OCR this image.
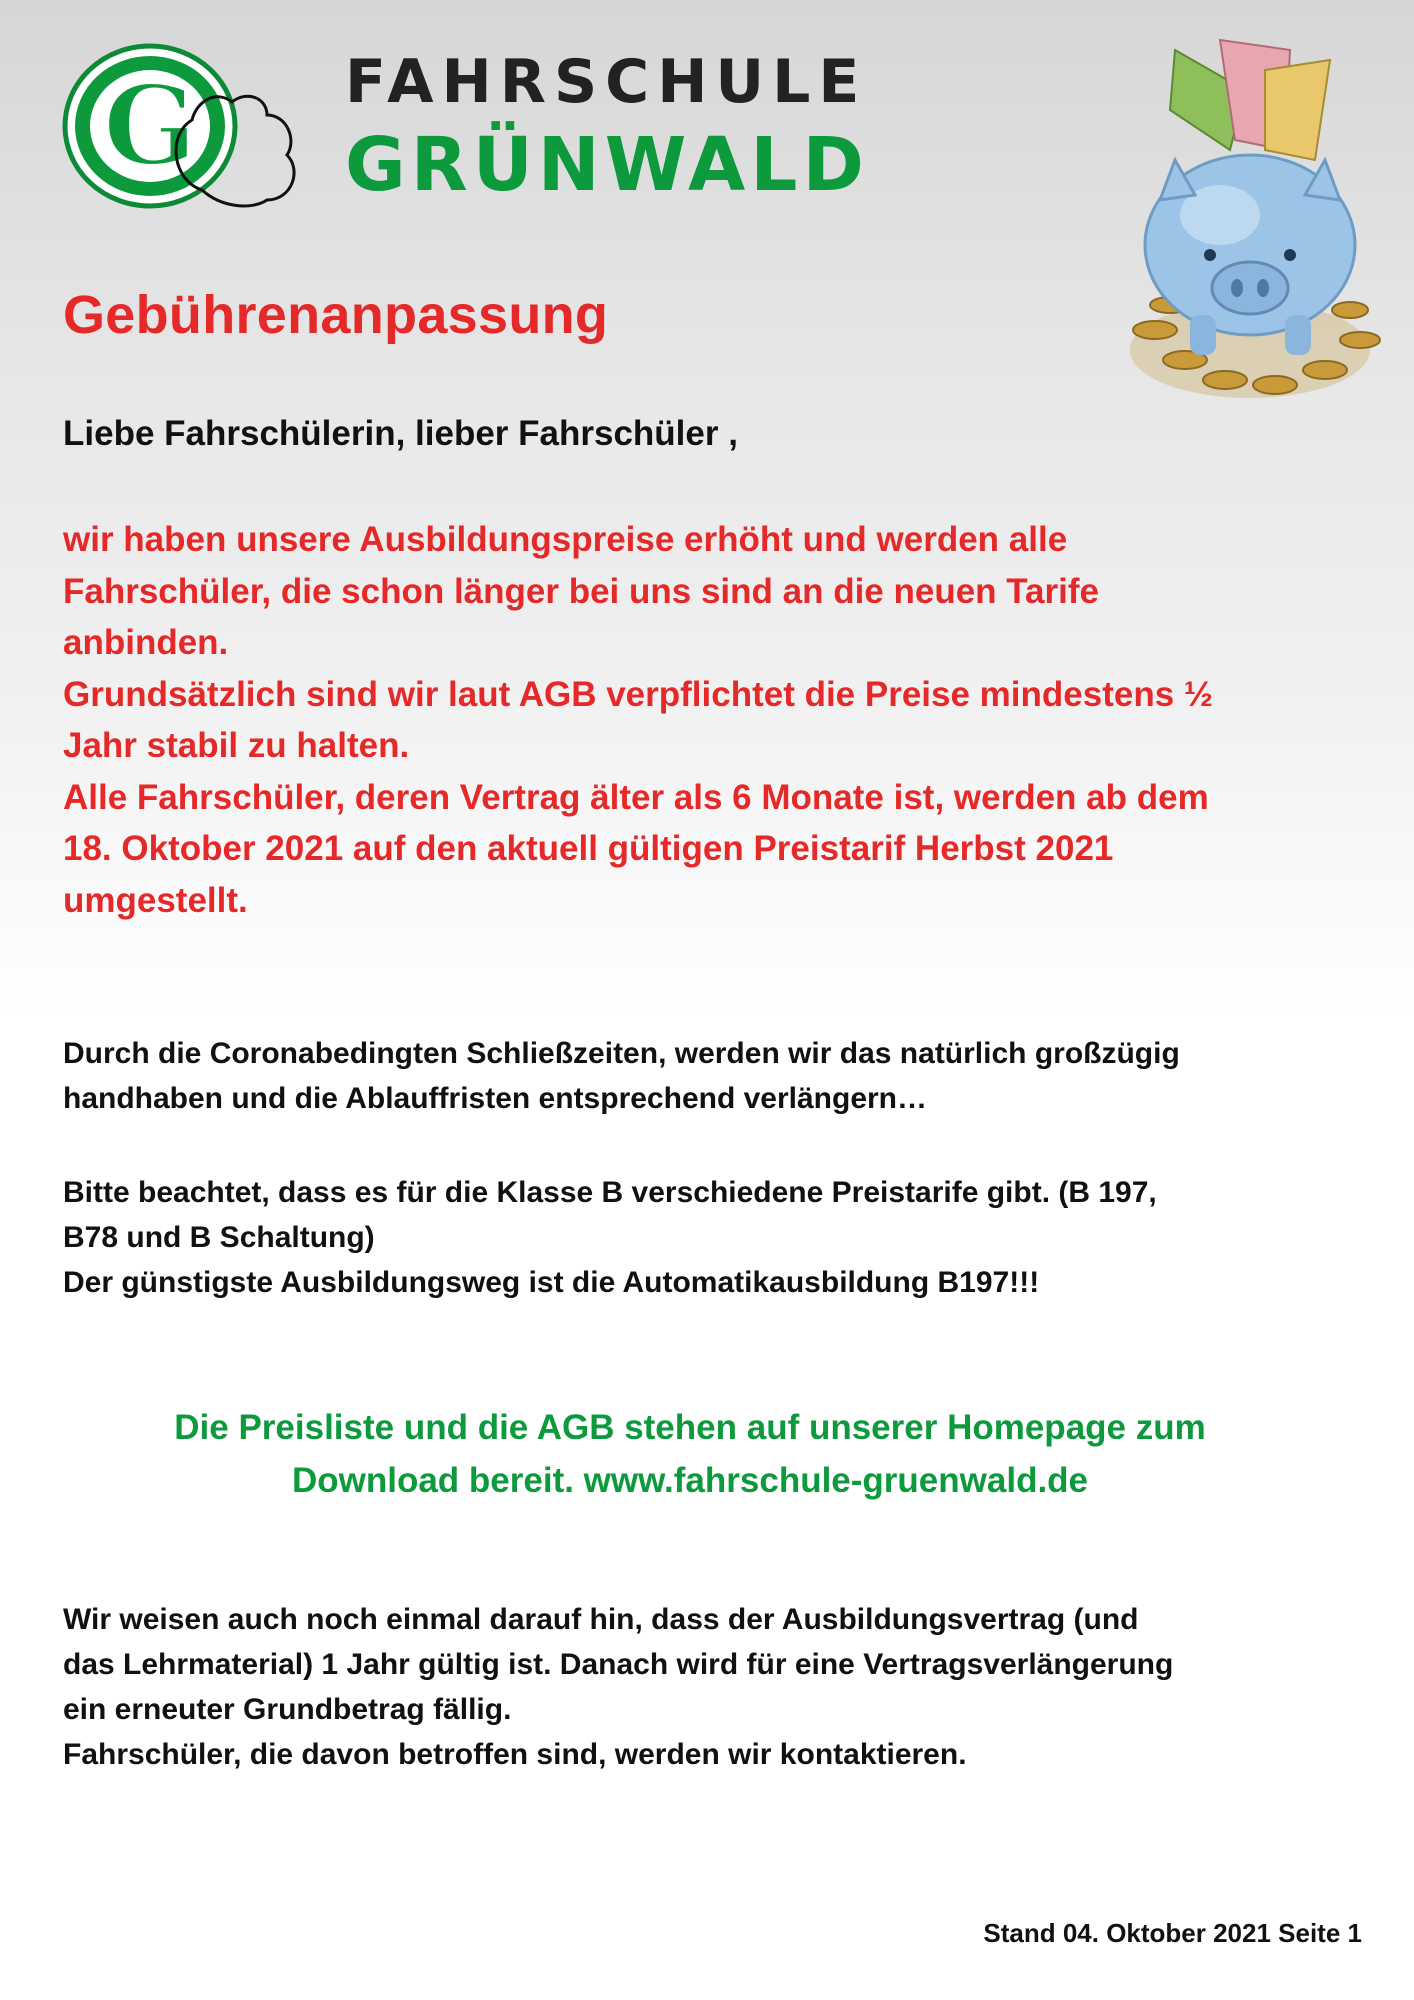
G FAHRSCHULE
GRÜNWALD
Gebührenanpassung

Liebe Fahrschülerin, lieber Fahrschüler ,

wir haben unsere Ausbildungspreise erhöht und werden alle

Fahrschüler, die schon länger bei uns sind an die neuen Tarife

anbinden.

Grundsätzlich sind wir laut AGB verpflichtet die Preise mindestens ½

Jahr stabil zu halten.

Alle Fahrschüler, deren Vertrag älter als 6 Monate ist, werden ab dem

18. Oktober 2021 auf den aktuell gültigen Preistarif Herbst 2021

umgestellt.

Durch die Coronabedingten Schließzeiten, werden wir das natürlich großzügig

handhaben und die Ablauffristen entsprechend verlängern…

Bitte beachtet, dass es für die Klasse B verschiedene Preistarife gibt. (B 197,

B78 und B Schaltung)

Der günstigste Ausbildungsweg ist die Automatikausbildung B197!!!

Die Preisliste und die AGB stehen auf unserer Homepage zum

Download bereit. www.fahrschule-gruenwald.de

Wir weisen auch noch einmal darauf hin, dass der Ausbildungsvertrag (und

das Lehrmaterial) 1 Jahr gültig ist. Danach wird für eine Vertragsverlängerung

ein erneuter Grundbetrag fällig.

Fahrschüler, die davon betroffen sind, werden wir kontaktieren.

Stand 04. Oktober 2021 Seite 1
